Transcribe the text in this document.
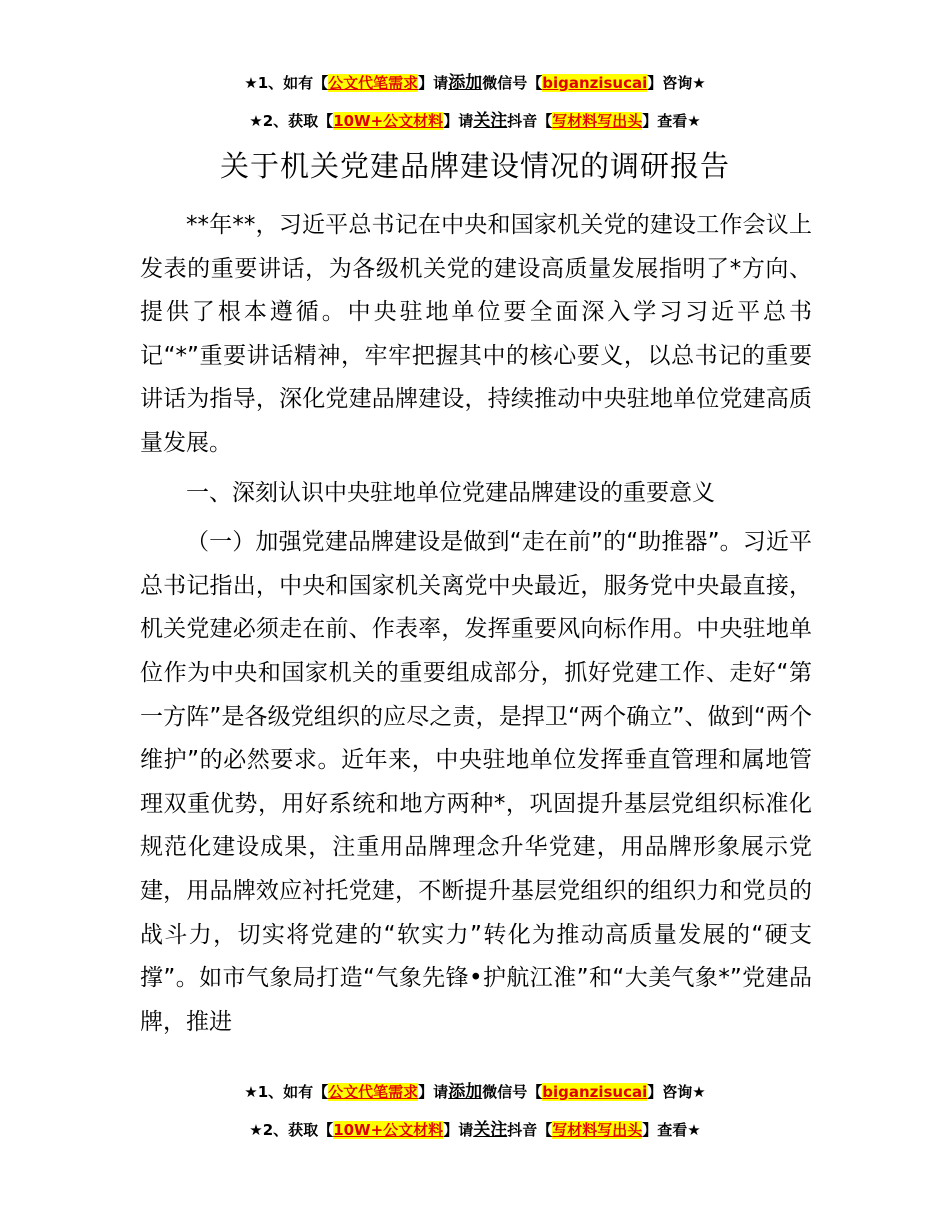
★1、如有【公文代笔需求】请添加微信号【biganzisucai】咨询★
★2、获取【10W+公文材料】请关注抖音【写材料写出头】查看★
关于机关党建品牌建设情况的调研报告

**年**，习近平总书记在中央和国家机关党的建设工作会议上发表的重要讲话，为各级机关党的建设高质量发展指明了*方向、提供了根本遵循。中央驻地单位要全面深入学习习近平总书记“*”重要讲话精神，牢牢把握其中的核心要义，以总书记的重要讲话为指导，深化党建品牌建设，持续推动中央驻地单位党建高质量发展。

一、深刻认识中央驻地单位党建品牌建设的重要意义

（一）加强党建品牌建设是做到“走在前”的“助推器”。习近平总书记指出，中央和国家机关离党中央最近，服务党中央最直接，机关党建必须走在前、作表率，发挥重要风向标作用。中央驻地单位作为中央和国家机关的重要组成部分，抓好党建工作、走好“第一方阵”是各级党组织的应尽之责，是捍卫“两个确立”、做到“两个维护”的必然要求。近年来，中央驻地单位发挥垂直管理和属地管理双重优势，用好系统和地方两种*，巩固提升基层党组织标准化规范化建设成果，注重用品牌理念升华党建，用品牌形象展示党建，用品牌效应衬托党建，不断提升基层党组织的组织力和党员的战斗力，切实将党建的“软实力”转化为推动高质量发展的“硬支撑”。如市气象局打造“气象先锋•护航江淮”和“大美气象*”党建品牌，推进

★1、如有【公文代笔需求】请添加微信号【biganzisucai】咨询★
★2、获取【10W+公文材料】请关注抖音【写材料写出头】查看★
